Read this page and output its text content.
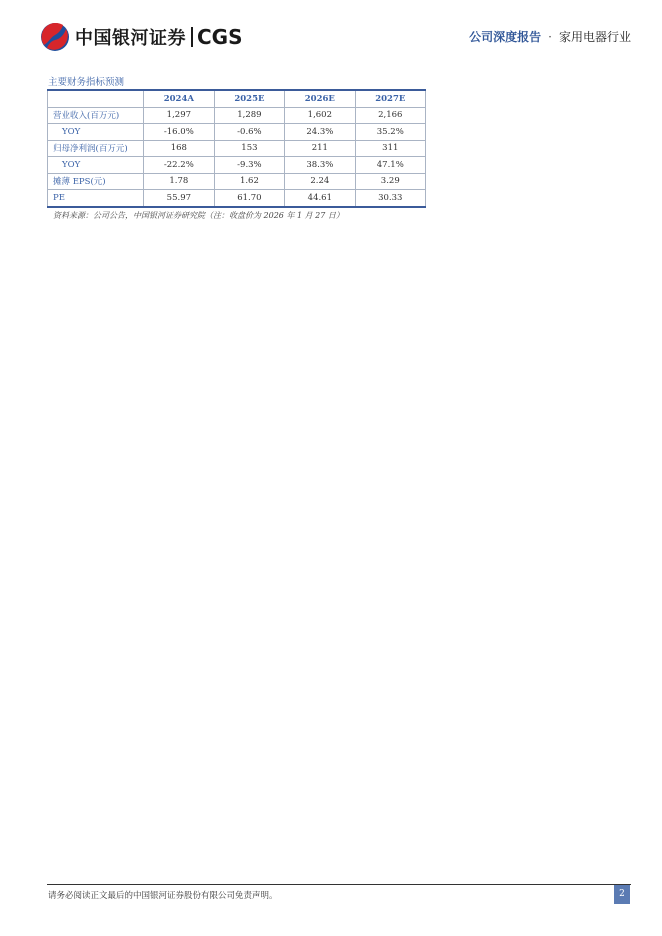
中国银河证券 CGS	公司深度报告 · 家用电器行业
主要财务指标预测
	2024A	2025E	2026E	2027E
营业收入(百万元)	1,297	1,289	1,602	2,166
YOY	-16.0%	-0.6%	24.3%	35.2%
归母净利润(百万元)	168	153	211	311
YOY	-22.2%	-9.3%	38.3%	47.1%
摊薄 EPS(元)	1.78	1.62	2.24	3.29
PE	55.97	61.70	44.61	30.33
资料来源：公司公告，中国银河证券研究院（注：收盘价为 2026 年 1 月 27 日）
请务必阅读正文最后的中国银河证券股份有限公司免责声明。	2
